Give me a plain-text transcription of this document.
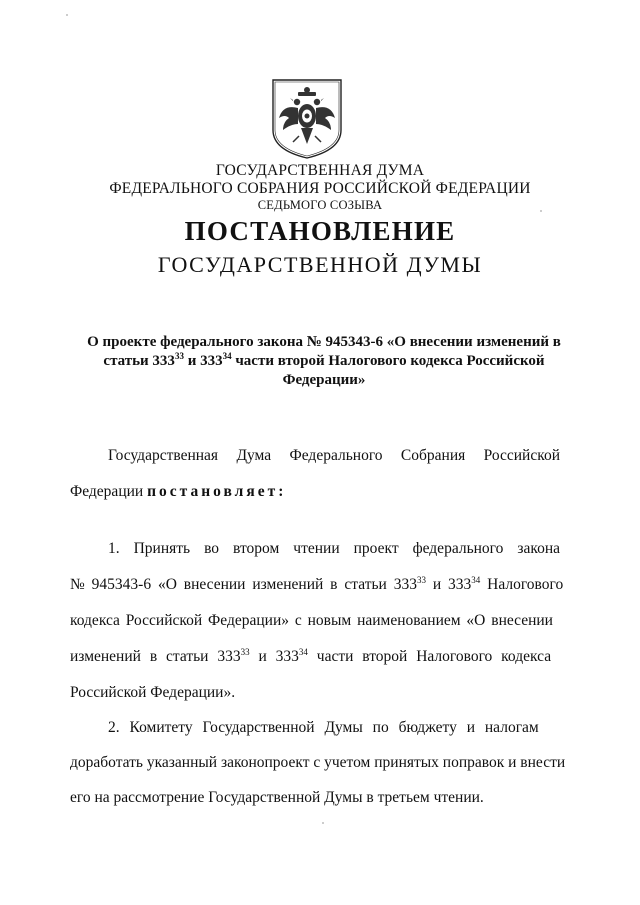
ГОСУДАРСТВЕННАЯ ДУМА
ФЕДЕРАЛЬНОГО СОБРАНИЯ РОССИЙСКОЙ ФЕДЕРАЦИИ
СЕДЬМОГО СОЗЫВА
ПОСТАНОВЛЕНИЕ
ГОСУДАРСТВЕННОЙ ДУМЫ
О проекте федерального закона № 945343-6 «О внесении изменений в статьи $333^{33}$ и $333^{34}$ части второй Налогового кодекса Российской Федерации»
Государственная Дума Федерального Собрания Российской
Федерации постановляет:
1. Принять во втором чтении проект федерального закона
№ 945343-6 «О внесении изменений в статьи $333^{33}$ и $333^{34}$ Налогового
кодекса Российской Федерации» с новым наименованием «О внесении
изменений в статьи $333^{33}$ и $333^{34}$ части второй Налогового кодекса
Российской Федерации».
2. Комитету Государственной Думы по бюджету и налогам
доработать указанный законопроект с учетом принятых поправок и внести
его на рассмотрение Государственной Думы в третьем чтении.
